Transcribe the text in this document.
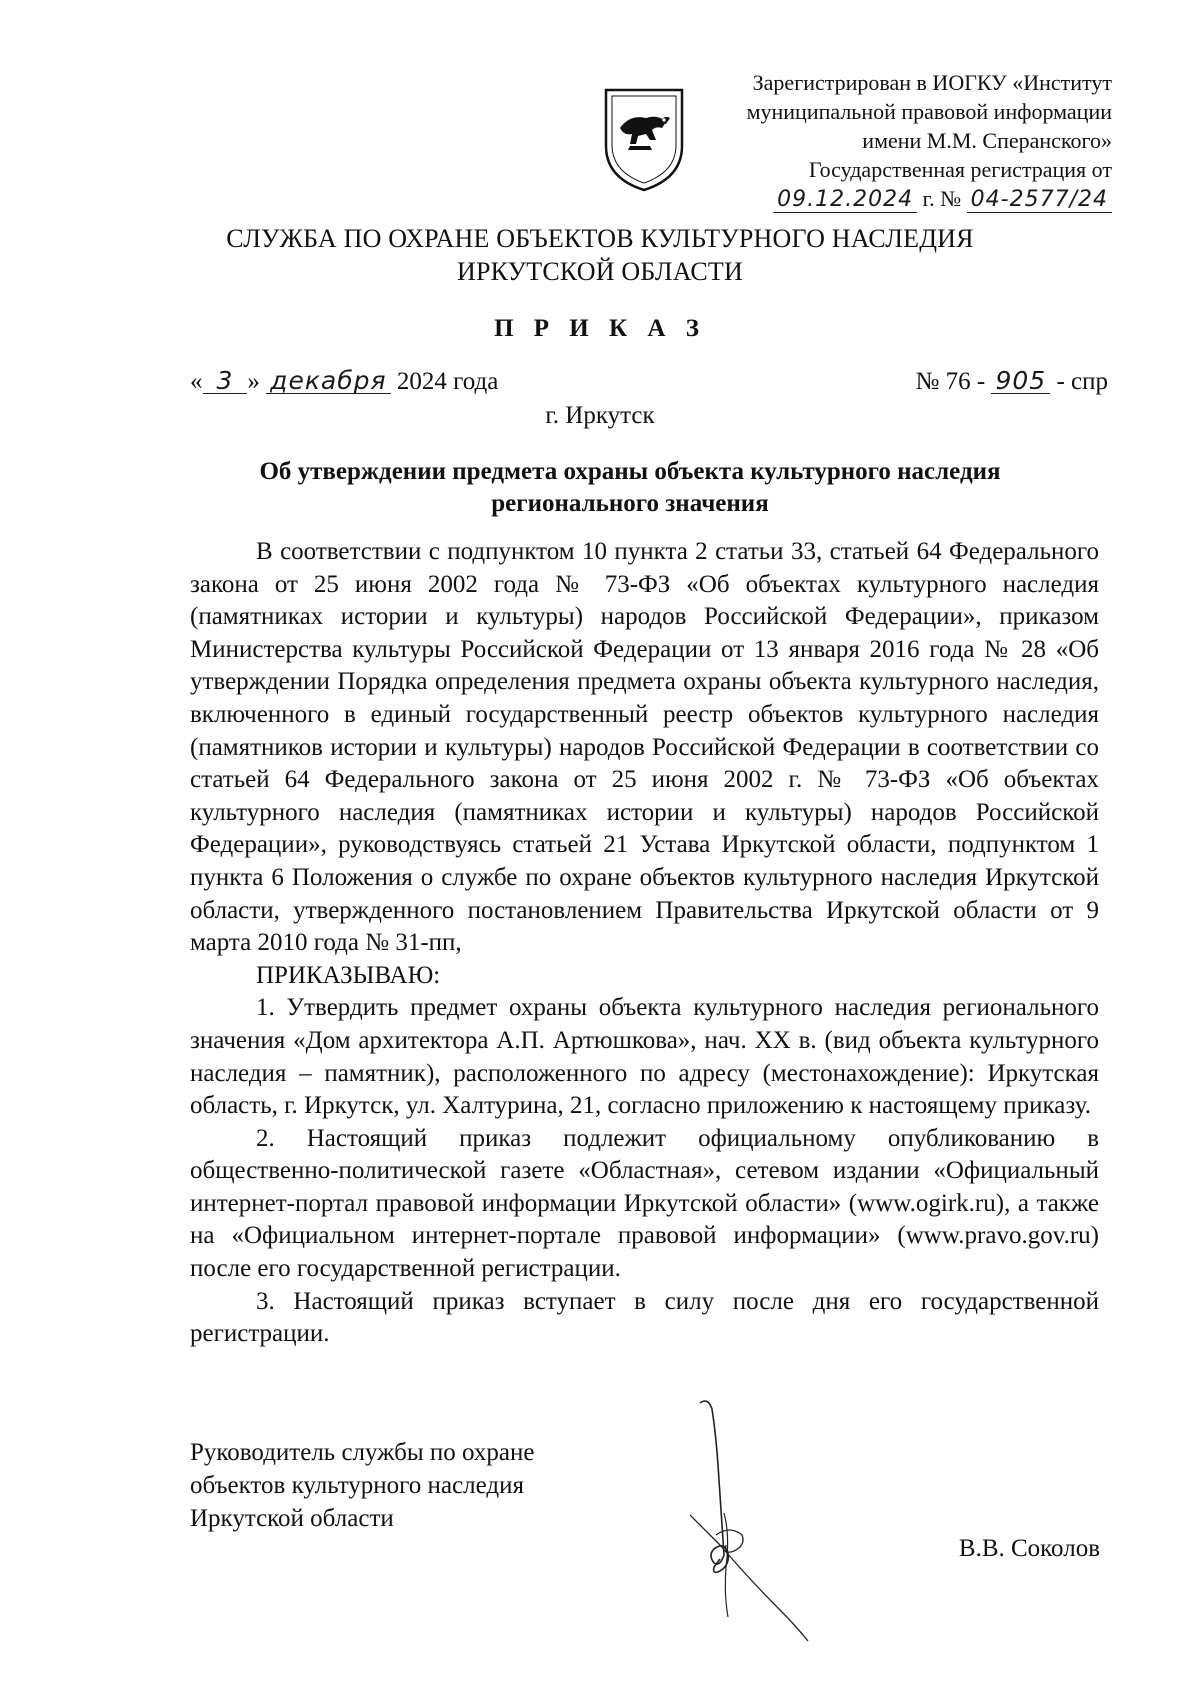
Зарегистрирован в ИОГКУ «Институт
муниципальной правовой информации
имени М.М. Сперанского»
Государственная регистрация от
09.12.2024 г. № 04-2577/24
СЛУЖБА ПО ОХРАНЕ ОБЪЕКТОВ КУЛЬТУРНОГО НАСЛЕДИЯ
ИРКУТСКОЙ ОБЛАСТИ
П Р И К А З
« 3 » декабря 2024 года	№ 76 - 905 - спр
г. Иркутск
Об утверждении предмета охраны объекта культурного наследия
регионального значения

В соответствии с подпунктом 10 пункта 2 статьи 33, статьей 64 Федерального закона от 25 июня 2002 года № 73-ФЗ «Об объектах культурного наследия (памятниках истории и культуры) народов Российской Федерации», приказом Министерства культуры Российской Федерации от 13 января 2016 года № 28 «Об утверждении Порядка определения предмета охраны объекта культурного наследия, включенного в единый государственный реестр объектов культурного наследия (памятников истории и культуры) народов Российской Федерации в соответствии со статьей 64 Федерального закона от 25 июня 2002 г. № 73-ФЗ «Об объектах культурного наследия (памятниках истории и культуры) народов Российской Федерации», руководствуясь статьей 21 Устава Иркутской области, подпунктом 1 пункта 6 Положения о службе по охране объектов культурного наследия Иркутской области, утвержденного постановлением Правительства Иркутской области от 9 марта 2010 года № 31-пп,

ПРИКАЗЫВАЮ:

1. Утвердить предмет охраны объекта культурного наследия регионального значения «Дом архитектора А.П. Артюшкова», нач. XX в. (вид объекта культурного наследия – памятник), расположенного по адресу (местонахождение): Иркутская область, г. Иркутск, ул. Халтурина, 21, согласно приложению к настоящему приказу.

2. Настоящий приказ подлежит официальному опубликованию в общественно-политической газете «Областная», сетевом издании «Официальный интернет-портал правовой информации Иркутской области» (www.ogirk.ru), а также на «Официальном интернет-портале правовой информации» (www.pravo.gov.ru) после его государственной регистрации.

3. Настоящий приказ вступает в силу после дня его государственной регистрации.

Руководитель службы по охране
объектов культурного наследия
Иркутской области
В.В. Соколов
